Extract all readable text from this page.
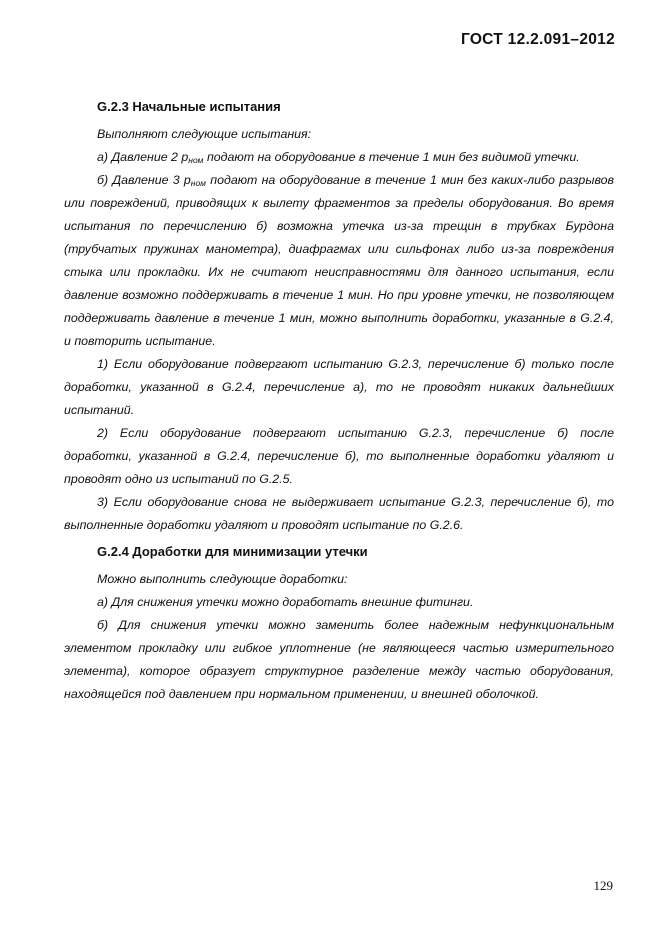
ГОСТ 12.2.091–2012
G.2.3 Начальные испытания

Выполняют следующие испытания:

а) Давление 2 $p_{ном}$ подают на оборудование в течение 1 мин без видимой утечки.

б) Давление 3 $p_{ном}$ подают на оборудование в течение 1 мин без каких-либо разрывов или повреждений, приводящих к вылету фрагментов за пределы оборудования. Во время испытания по перечислению б) возможна утечка из-за трещин в трубках Бурдона (трубчатых пружинах манометра), диафрагмах или сильфонах либо из-за повреждения стыка или прокладки. Их не считают неисправностями для данного испытания, если давление возможно поддерживать в течение 1 мин. Но при уровне утечки, не позволяющем поддерживать давление в течение 1 мин, можно выполнить доработки, указанные в G.2.4, и повторить испытание.

1) Если оборудование подвергают испытанию G.2.3, перечисление б) только после доработки, указанной в G.2.4, перечисление а), то не проводят никаких дальнейших испытаний.

2) Если оборудование подвергают испытанию G.2.3, перечисление б) после доработки, указанной в G.2.4, перечисление б), то выполненные доработки удаляют и проводят одно из испытаний по G.2.5.

3) Если оборудование снова не выдерживает испытание G.2.3, перечисление б), то выполненные доработки удаляют и проводят испытание по G.2.6.

G.2.4 Доработки для минимизации утечки

Можно выполнить следующие доработки:

а) Для снижения утечки можно доработать внешние фитинги.

б) Для снижения утечки можно заменить более надежным нефункциональным элементом прокладку или гибкое уплотнение (не являющееся частью измерительного элемента), которое образует структурное разделение между частью оборудования, находящейся под давлением при нормальном применении, и внешней оболочкой.

129
